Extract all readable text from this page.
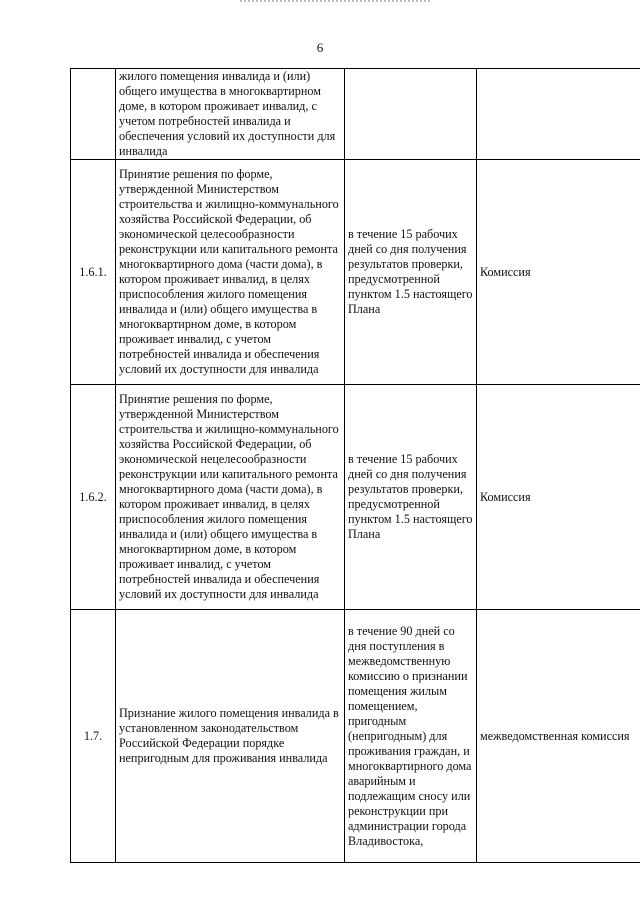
6
	жилого помещения инвалида и (или) общего имущества в многоквартирном доме, в котором проживает инвалид, с учетом потребностей инвалида и обеспечения условий их доступности для инвалида		
1.6.1.	Принятие решения по форме, утвержденной Министерством строительства и жилищно-коммунального хозяйства Российской Федерации, об экономической целесообразности реконструкции или капитального ремонта многоквартирного дома (части дома), в котором проживает инвалид, в целях приспособления жилого помещения инвалида и (или) общего имущества в многоквартирном доме, в котором проживает инвалид, с учетом потребностей инвалида и обеспечения условий их доступности для инвалида	в течение 15 рабочих дней со дня получения результатов проверки, предусмотренной пунктом 1.5 настоящего Плана	Комиссия
1.6.2.	Принятие решения по форме, утвержденной Министерством строительства и жилищно-коммунального хозяйства Российской Федерации, об экономической нецелесообразности реконструкции или капитального ремонта многоквартирного дома (части дома), в котором проживает инвалид, в целях приспособления жилого помещения инвалида и (или) общего имущества в многоквартирном доме, в котором проживает инвалид, с учетом потребностей инвалида и обеспечения условий их доступности для инвалида	в течение 15 рабочих дней со дня получения результатов проверки, предусмотренной пунктом 1.5 настоящего Плана	Комиссия
1.7.	Признание жилого помещения инвалида в установленном законодательством Российской Федерации порядке непригодным для проживания инвалида	в течение 90 дней со дня поступления в межведомственную комиссию о признании помещения жилым помещением, пригодным (непригодным) для проживания граждан, и многоквартирного дома аварийным и подлежащим сносу или реконструкции при администрации города Владивостока,	межведомственная комиссия
